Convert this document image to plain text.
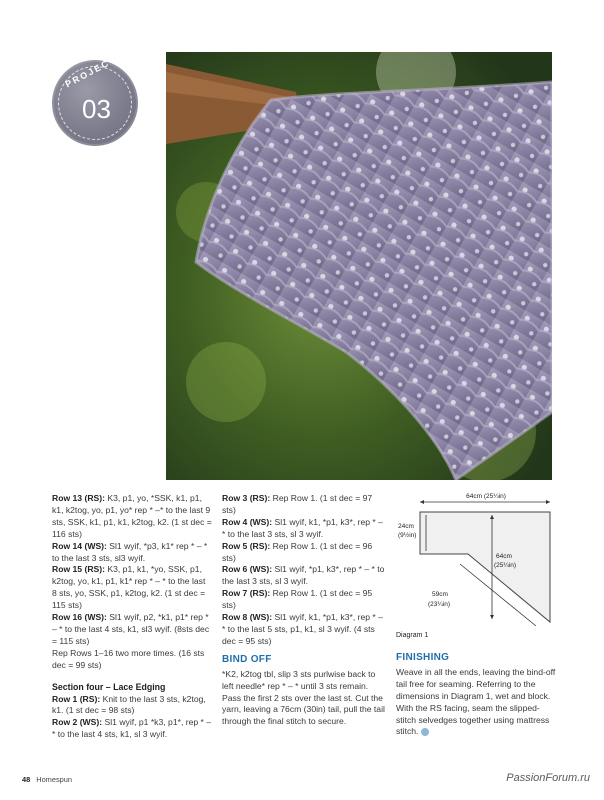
PROJECT
03

Row 13 (RS): K3, p1, yo, *SSK, k1, p1, k1, k2tog, yo, p1, yo* rep * –* to the last 9 sts, SSK, k1, p1, k1, k2tog, k2. (1 st dec = 116 sts)

Row 14 (WS): Sl1 wyif, *p3, k1* rep * – * to the last 3 sts, sl3 wyif.

Row 15 (RS): K3, p1, k1, *yo, SSK, p1, k2tog, yo, k1, p1, k1* rep * – * to the last 8 sts, yo, SSK, p1, k2tog, k2. (1 st dec = 115 sts)

Row 16 (WS): Sl1 wyif, p2, *k1, p1* rep * – * to the last 4 sts, k1, sl3 wyif. (8sts dec = 115 sts)

Rep Rows 1–16 two more times. (16 sts dec = 99 sts)

Section four – Lace Edging

Row 1 (RS): Knit to the last 3 sts, k2tog, k1. (1 st dec = 98 sts)

Row 2 (WS): Sl1 wyif, p1 *k3, p1*, rep * – * to the last 4 sts, k1, sl 3 wyif.

Row 3 (RS): Rep Row 1. (1 st dec = 97 sts)

Row 4 (WS): Sl1 wyif, k1, *p1, k3*, rep * – * to the last 3 sts, sl 3 wyif.

Row 5 (RS): Rep Row 1. (1 st dec = 96 sts)

Row 6 (WS): Sl1 wyif, *p1, k3*, rep * – * to the last 3 sts, sl 3 wyif.

Row 7 (RS): Rep Row 1. (1 st dec = 95 sts)

Row 8 (WS): Sl1 wyif, k1, *p1, k3*, rep * – * to the last 5 sts, p1, k1, sl 3 wyif. (4 sts dec = 95 sts)

BIND OFF

*K2, k2tog tbl, slip 3 sts purlwise back to left needle* rep * – * until 3 sts remain. Pass the first 2 sts over the last st. Cut the yarn, leaving a 76cm (30in) tail, pull the tail through the final stitch to secure.

64cm (25¼in)
24cm
(9½in)
64cm
(25¼in)
59cm
(23¼in)
Diagram 1
FINISHING

Weave in all the ends, leaving the bind-off tail free for seaming. Referring to the dimensions in Diagram 1, wet and block. With the RS facing, seam the slipped-stitch selvedges together using mattress stitch.

48 Homespun	PassionForum.ru
